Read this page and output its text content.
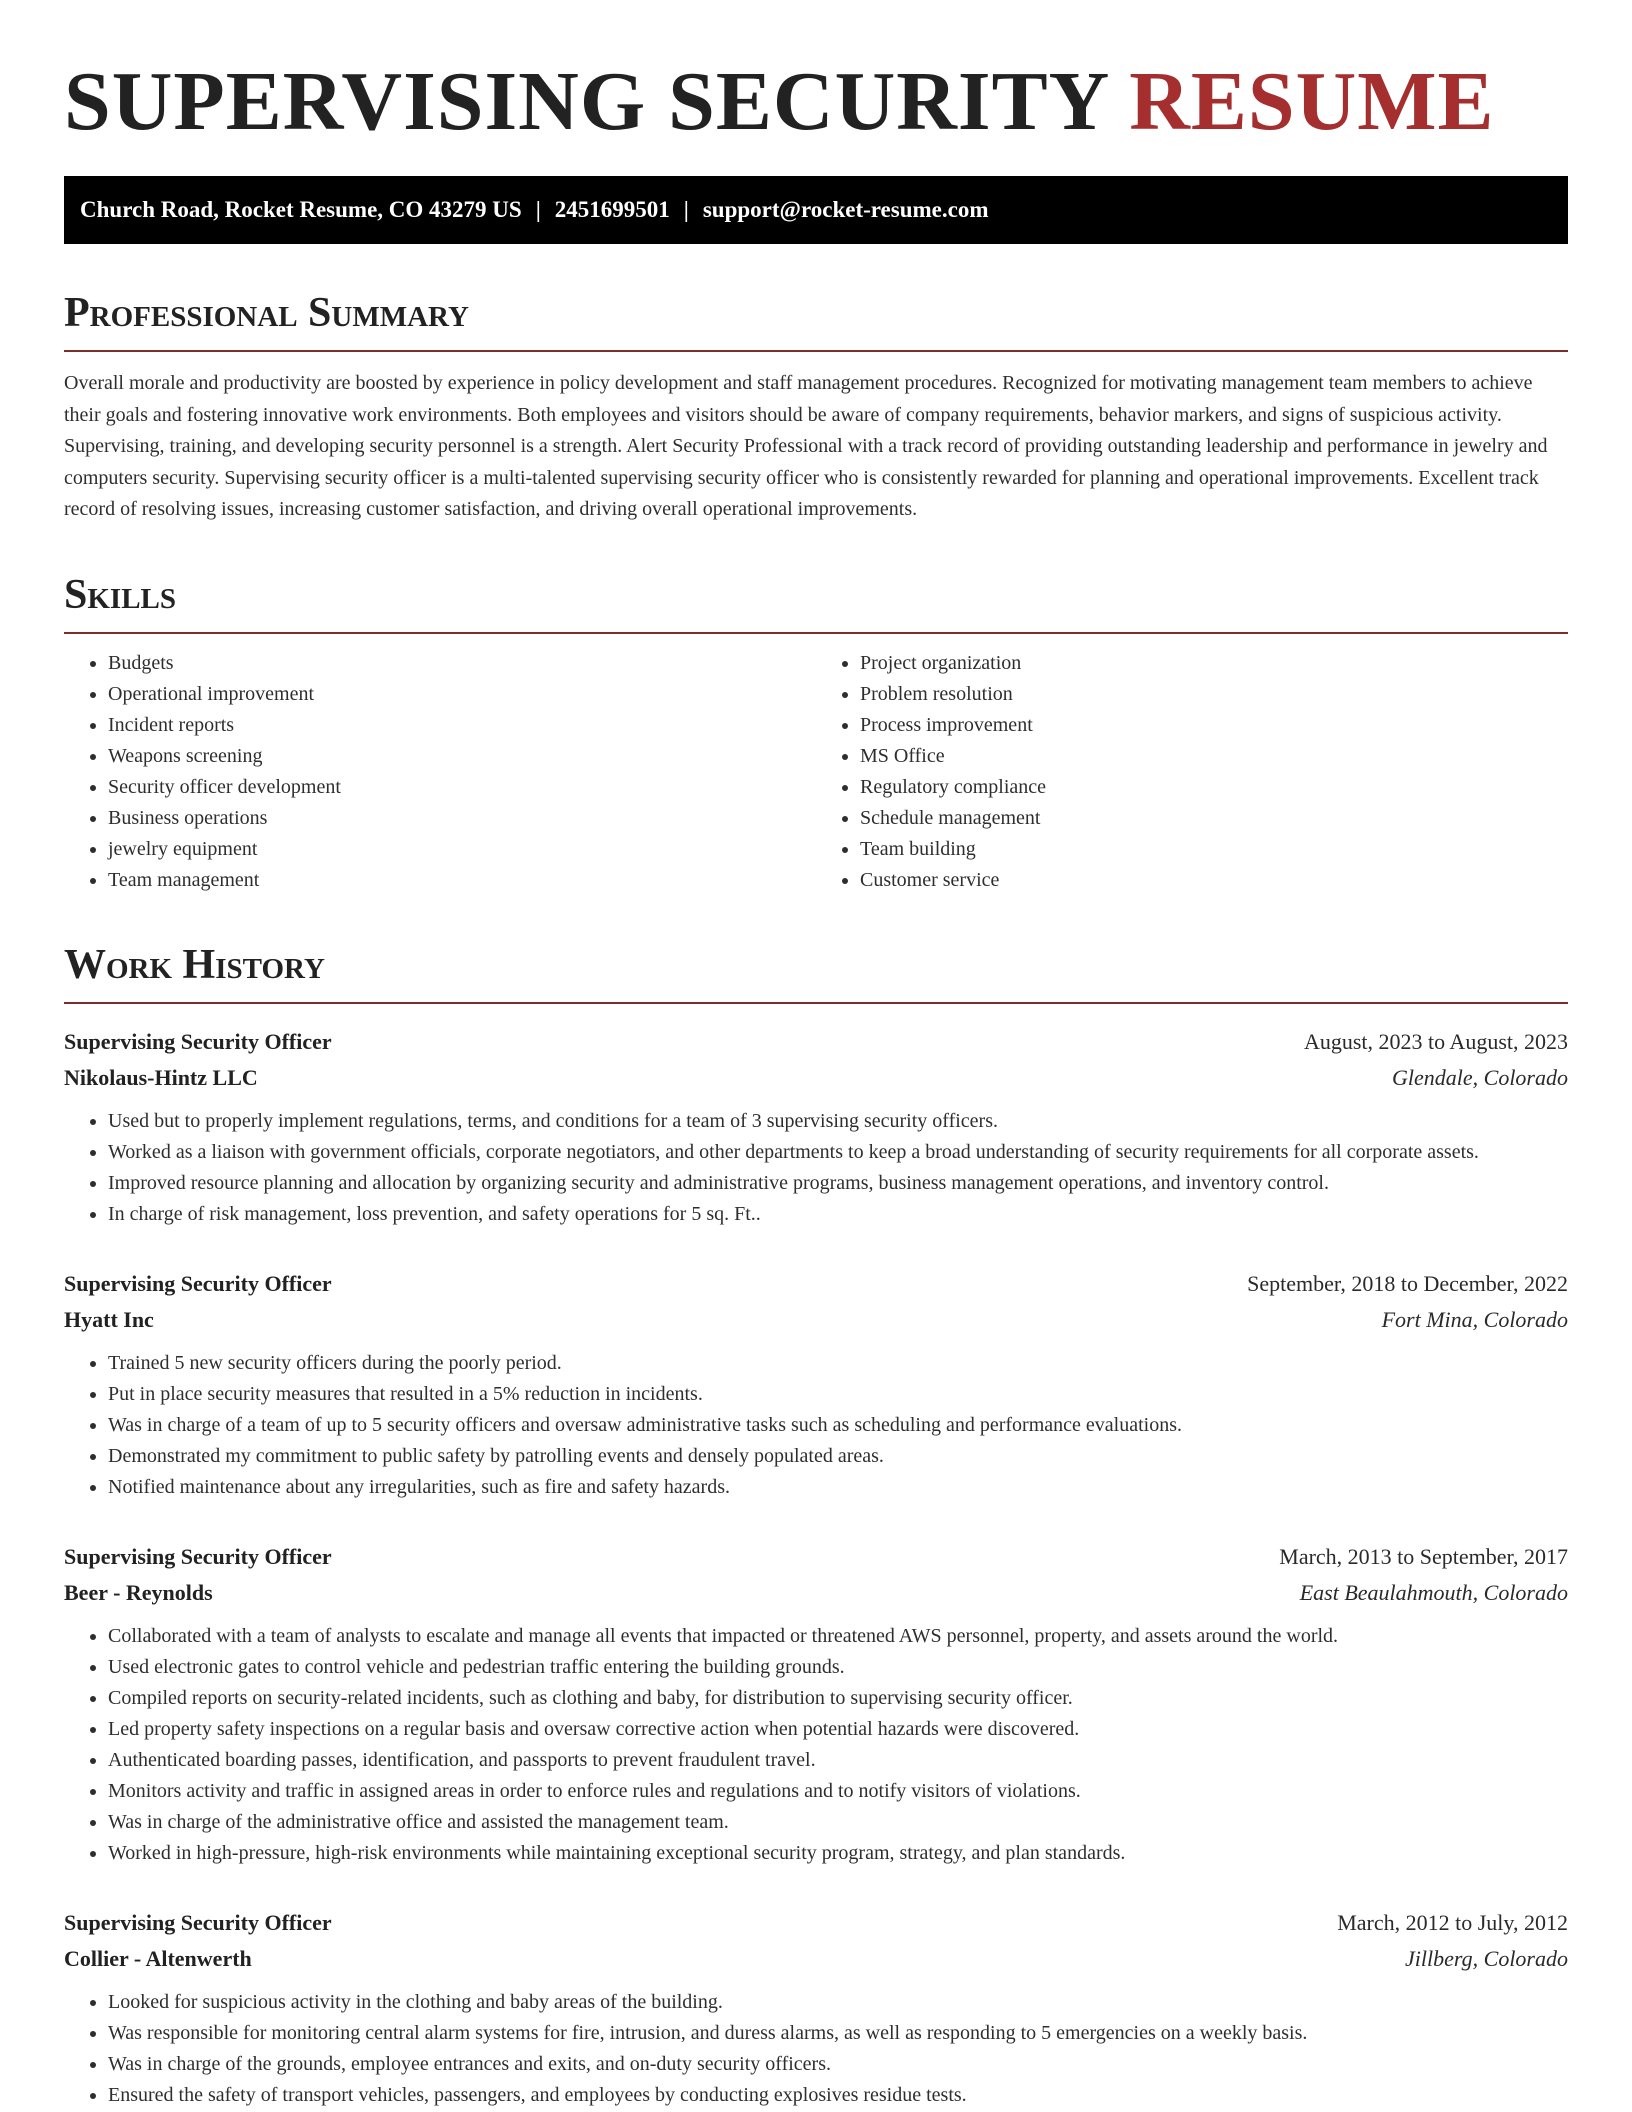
SUPERVISING SECURITY RESUME
Church Road, Rocket Resume, CO 43279 US | 2451699501 | support@rocket-resume.com
Professional Summary

Overall morale and productivity are boosted by experience in policy development and staff management procedures. Recognized for motivating management team members to achieve their goals and fostering innovative work environments. Both employees and visitors should be aware of company requirements, behavior markers, and signs of suspicious activity. Supervising, training, and developing security personnel is a strength. Alert Security Professional with a track record of providing outstanding leadership and performance in jewelry and computers security. Supervising security officer is a multi-talented supervising security officer who is consistently rewarded for planning and operational improvements. Excellent track record of resolving issues, increasing customer satisfaction, and driving overall operational improvements.

Skills
• Budgets
• Operational improvement
• Incident reports
• Weapons screening
• Security officer development
• Business operations
• jewelry equipment
• Team management
• Project organization
• Problem resolution
• Process improvement
• MS Office
• Regulatory compliance
• Schedule management
• Team building
• Customer service
Work History
Supervising Security Officer	August, 2023 to August, 2023
Nikolaus-Hintz LLC	Glendale, Colorado
• Used but to properly implement regulations, terms, and conditions for a team of 3 supervising security officers.
• Worked as a liaison with government officials, corporate negotiators, and other departments to keep a broad understanding of security requirements for all corporate assets.
• Improved resource planning and allocation by organizing security and administrative programs, business management operations, and inventory control.
• In charge of risk management, loss prevention, and safety operations for 5 sq. Ft..
Supervising Security Officer	September, 2018 to December, 2022
Hyatt Inc	Fort Mina, Colorado
• Trained 5 new security officers during the poorly period.
• Put in place security measures that resulted in a 5% reduction in incidents.
• Was in charge of a team of up to 5 security officers and oversaw administrative tasks such as scheduling and performance evaluations.
• Demonstrated my commitment to public safety by patrolling events and densely populated areas.
• Notified maintenance about any irregularities, such as fire and safety hazards.
Supervising Security Officer	March, 2013 to September, 2017
Beer - Reynolds	East Beaulahmouth, Colorado
• Collaborated with a team of analysts to escalate and manage all events that impacted or threatened AWS personnel, property, and assets around the world.
• Used electronic gates to control vehicle and pedestrian traffic entering the building grounds.
• Compiled reports on security-related incidents, such as clothing and baby, for distribution to supervising security officer.
• Led property safety inspections on a regular basis and oversaw corrective action when potential hazards were discovered.
• Authenticated boarding passes, identification, and passports to prevent fraudulent travel.
• Monitors activity and traffic in assigned areas in order to enforce rules and regulations and to notify visitors of violations.
• Was in charge of the administrative office and assisted the management team.
• Worked in high-pressure, high-risk environments while maintaining exceptional security program, strategy, and plan standards.
Supervising Security Officer	March, 2012 to July, 2012
Collier - Altenwerth	Jillberg, Colorado
• Looked for suspicious activity in the clothing and baby areas of the building.
• Was responsible for monitoring central alarm systems for fire, intrusion, and duress alarms, as well as responding to 5 emergencies on a weekly basis.
• Was in charge of the grounds, employee entrances and exits, and on-duty security officers.
• Ensured the safety of transport vehicles, passengers, and employees by conducting explosives residue tests.
